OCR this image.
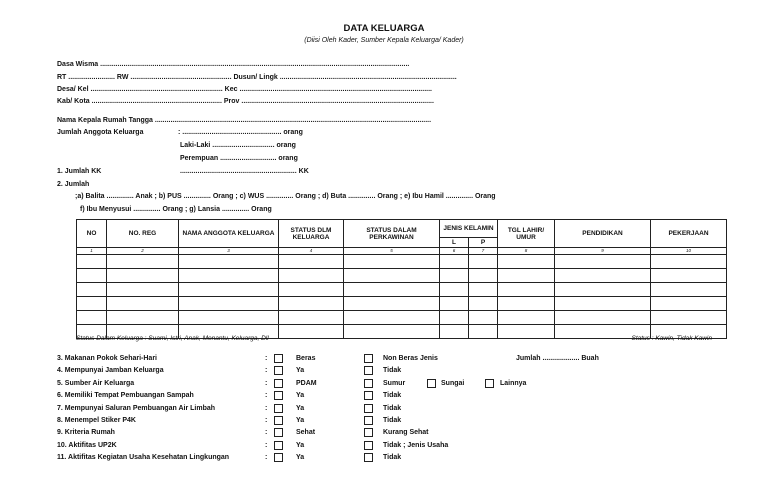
DATA KELUARGA
(Diisi Oleh Kader, Sumber Kepala Keluarga/ Kader)
Dasa Wisma ...............................................................................................................................................................
RT ........................ RW .................................................... Dusun/ Lingk ...........................................................................................
Desa/ Kel .................................................................... Kec ...................................................................................................
Kab/ Kota ................................................................... Prov ...................................................................................................
Nama Kepala Rumah Tangga ..............................................................................................................................................
Jumlah Anggota Keluarga	: ................................................... orang
Laki-Laki ................................ orang
Perempuan ............................. orang
1. Jumlah KK	............................................................ KK
2. Jumlah
;a) Balita .............. Anak ; b) PUS .............. Orang ; c) WUS .............. Orang ; d) Buta .............. Orang ; e) Ibu Hamil .............. Orang
f) Ibu Menyusui .............. Orang ; g) Lansia .............. Orang
NO	NO. REG	NAMA ANGGOTA KELUARGA	STATUS DLM KELUARGA	STATUS DALAM PERKAWINAN	JENIS KELAMIN		TGL LAHIR/ UMUR	PENDIDIKAN	PEKERJAAN
					L	P			
1	2	3	4	5	6	7	8	9	10

Status Dalam Keluarga : Suami, Istri, Anak, Menantu, Keluarga, Dll	Status : Kawin, Tidak Kawin
3. Makanan Pokok Sehari-Hari	:	Beras	Non Beras Jenis	Jumlah ................... Buah
4. Mempunyai Jamban Keluarga	:	Ya	Tidak
5. Sumber Air Keluarga	:	PDAM	Sumur	Sungai	Lainnya
6. Memiliki Tempat Pembuangan Sampah	:	Ya	Tidak
7. Mempunyai Saluran Pembuangan Air Limbah	:	Ya	Tidak
8. Menempel Stiker P4K	:	Ya	Tidak
9. Kriteria Rumah	:	Sehat	Kurang Sehat
10. Aktifitas UP2K	:	Ya	Tidak ; Jenis Usaha
11. Aktifitas Kegiatan Usaha Kesehatan Lingkungan	:	Ya	Tidak
